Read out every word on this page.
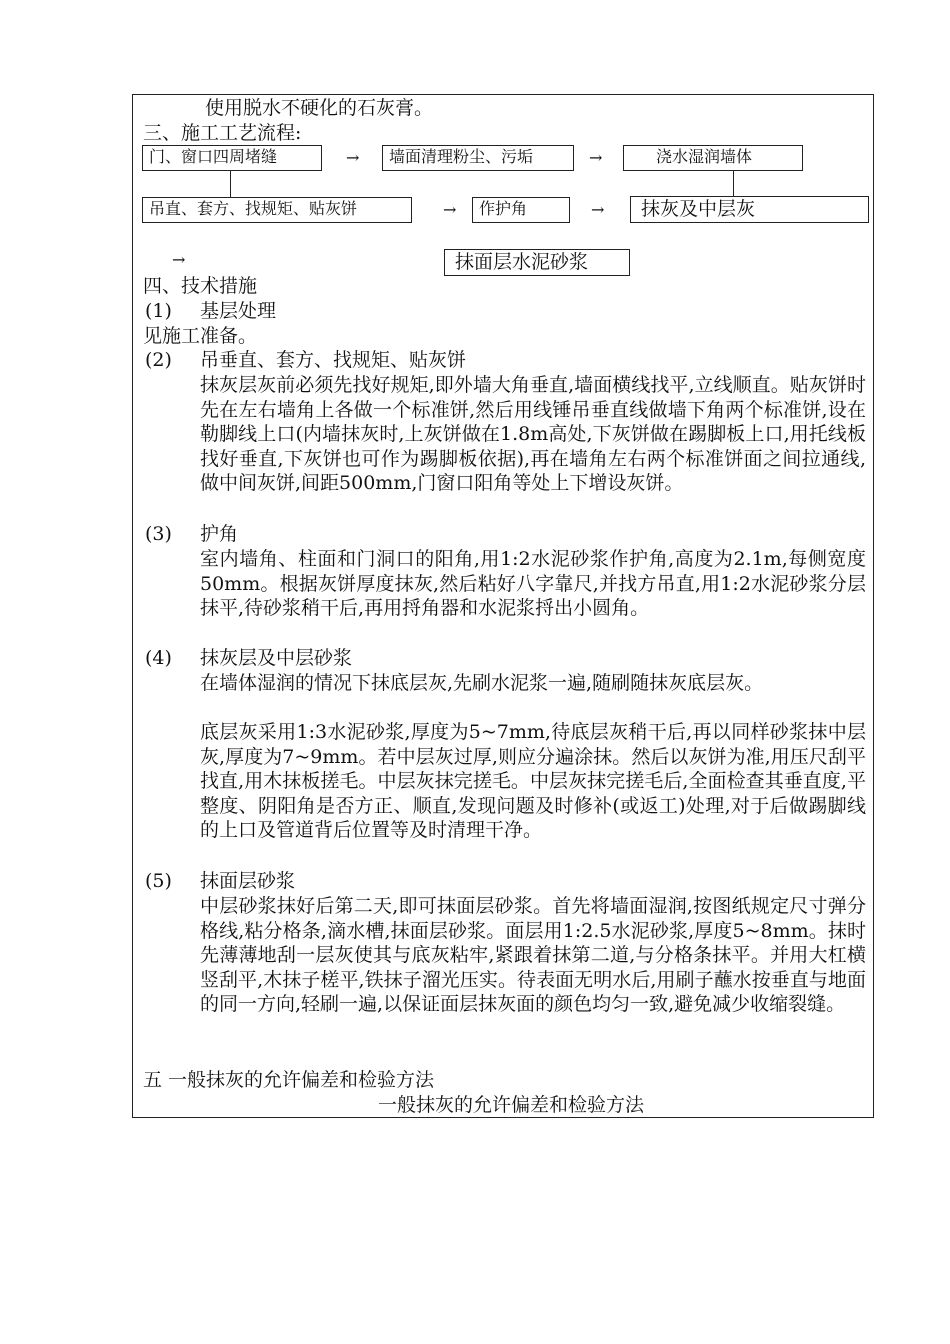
使用脱水不硬化的石灰膏。
三、施工工艺流程:
门、窗口四周堵缝	→	墙面清理粉尘、污垢	→	浇水湿润墙体
吊直、套方、找规矩、贴灰饼	→	作护角	→	抹灰及中层灰
→	抹面层水泥砂浆
四、技术措施
(1) 基层处理
见施工准备。
(2) 吊垂直、套方、找规矩、贴灰饼
抹灰层灰前必须先找好规矩,即外墙大角垂直,墙面横线找平,立线顺直。贴灰饼时先在左右墙角上各做一个标准饼,然后用线锤吊垂直线做墙下角两个标准饼,设在勒脚线上口(内墙抹灰时,上灰饼做在1.8m高处,下灰饼做在踢脚板上口,用托线板找好垂直,下灰饼也可作为踢脚板依据),再在墙角左右两个标准饼面之间拉通线,做中间灰饼,间距500mm,门窗口阳角等处上下增设灰饼。
(3) 护角
室内墙角、柱面和门洞口的阳角,用1:2水泥砂浆作护角,高度为2.1m,每侧宽度50mm。根据灰饼厚度抹灰,然后粘好八字靠尺,并找方吊直,用1:2水泥砂浆分层抹平,待砂浆稍干后,再用捋角器和水泥浆捋出小圆角。
(4) 抹灰层及中层砂浆
在墙体湿润的情况下抹底层灰,先刷水泥浆一遍,随刷随抹灰底层灰。
底层灰采用1:3水泥砂浆,厚度为5~7mm,待底层灰稍干后,再以同样砂浆抹中层灰,厚度为7~9mm。若中层灰过厚,则应分遍涂抹。然后以灰饼为准,用压尺刮平找直,用木抹板搓毛。中层灰抹完搓毛。中层灰抹完搓毛后,全面检查其垂直度,平整度、阴阳角是否方正、顺直,发现问题及时修补(或返工)处理,对于后做踢脚线的上口及管道背后位置等及时清理干净。
(5) 抹面层砂浆
中层砂浆抹好后第二天,即可抹面层砂浆。首先将墙面湿润,按图纸规定尺寸弹分格线,粘分格条,滴水槽,抹面层砂浆。面层用1:2.5水泥砂浆,厚度5~8mm。抹时先薄薄地刮一层灰使其与底灰粘牢,紧跟着抹第二道,与分格条抹平。并用大杠横竖刮平,木抹子槎平,铁抹子溜光压实。待表面无明水后,用刷子蘸水按垂直与地面的同一方向,轻刷一遍,以保证面层抹灰面的颜色均匀一致,避免减少收缩裂缝。
五 一般抹灰的允许偏差和检验方法
一般抹灰的允许偏差和检验方法
